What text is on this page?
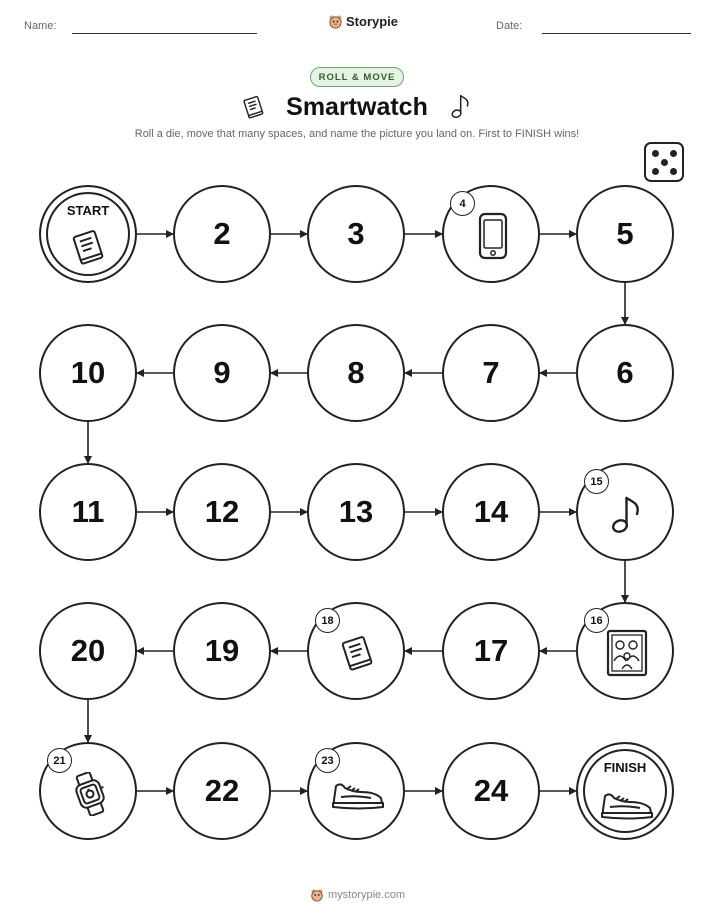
Name:	Storypie	Date:
ROLL & MOVE
Smartwatch
Roll a die, move that many spaces, and name the picture you land on. First to FINISH wins!
START
2	3
4
5
6
7
8
9
10
11	12	13	14
15
16
17
18
19
20
21
22
23
24
FINISH
mystorypie.com
